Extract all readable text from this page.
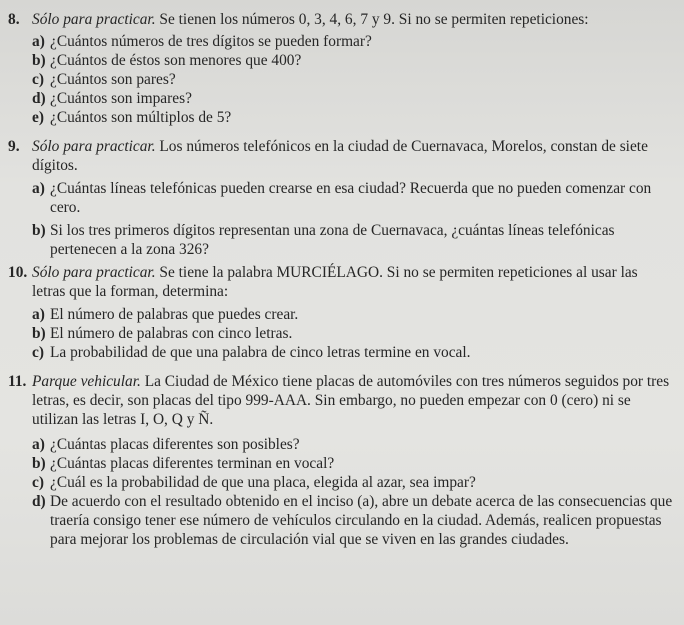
8. Sólo para practicar. Se tienen los números 0, 3, 4, 6, 7 y 9. Si no se permiten repeticiones:
a) ¿Cuántos números de tres dígitos se pueden formar?
b) ¿Cuántos de éstos son menores que 400?
c) ¿Cuántos son pares?
d) ¿Cuántos son impares?
e) ¿Cuántos son múltiplos de 5?
9. Sólo para practicar. Los números telefónicos en la ciudad de Cuernavaca, Morelos, constan de siete dígitos.
a) ¿Cuántas líneas telefónicas pueden crearse en esa ciudad? Recuerda que no pueden comenzar con cero.
b) Si los tres primeros dígitos representan una zona de Cuernavaca, ¿cuántas líneas telefónicas pertenecen a la zona 326?
10. Sólo para practicar. Se tiene la palabra MURCIÉLAGO. Si no se permiten repeticiones al usar las letras que la forman, determina:
a) El número de palabras que puedes crear.
b) El número de palabras con cinco letras.
c) La probabilidad de que una palabra de cinco letras termine en vocal.
11. Parque vehicular. La Ciudad de México tiene placas de automóviles con tres números seguidos por tres letras, es decir, son placas del tipo 999-AAA. Sin embargo, no pueden empezar con 0 (cero) ni se utilizan las letras I, O, Q y Ñ.
a) ¿Cuántas placas diferentes son posibles?
b) ¿Cuántas placas diferentes terminan en vocal?
c) ¿Cuál es la probabilidad de que una placa, elegida al azar, sea impar?
d) De acuerdo con el resultado obtenido en el inciso (a), abre un debate acerca de las consecuencias que traería consigo tener ese número de vehículos circulando en la ciudad. Además, realicen propuestas para mejorar los problemas de circulación vial que se viven en las grandes ciudades.
